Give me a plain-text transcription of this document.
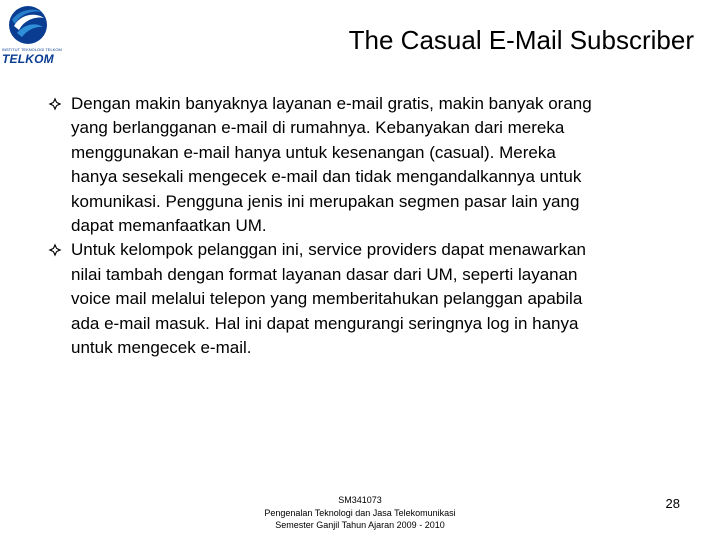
INSTITUT TEKNOLOGI TELKOM
TELKOM
The Casual E-Mail Subscriber
Dengan makin banyaknya layanan e-mail gratis, makin banyak orang
yang berlangganan e-mail di rumahnya. Kebanyakan dari mereka
menggunakan e-mail hanya untuk kesenangan (casual). Mereka
hanya sesekali mengecek e-mail dan tidak mengandalkannya untuk
komunikasi. Pengguna jenis ini merupakan segmen pasar lain yang
dapat memanfaatkan UM.
Untuk kelompok pelanggan ini, service providers dapat menawarkan
nilai tambah dengan format layanan dasar dari UM, seperti layanan
voice mail melalui telepon yang memberitahukan pelanggan apabila
ada e-mail masuk. Hal ini dapat mengurangi seringnya log in hanya
untuk mengecek e-mail.
SM341073
Pengenalan Teknologi dan Jasa Telekomunikasi
Semester Ganjil Tahun Ajaran 2009 - 2010
28
